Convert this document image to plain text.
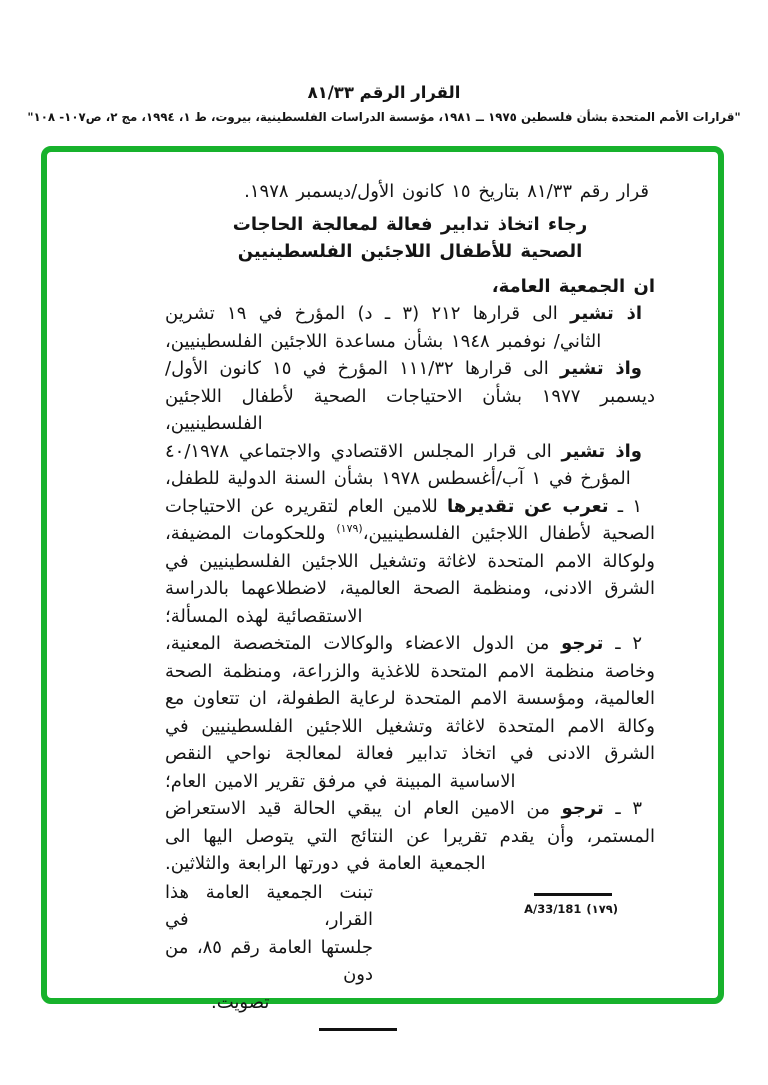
القرار الرقم ٨١/٣٣
"قرارات الأمم المتحدة بشأن فلسطين ١٩٧٥ ــ ١٩٨١، مؤسسة الدراسات الفلسطينية، بيروت، ط ١، ١٩٩٤، مج ٢، ص١٠٧- ١٠٨"

قرار رقم ٨١/٣٣ بتاريخ ١٥ كانون الأول/ديسمبر ١٩٧٨.

رجاء اتخاذ تدابير فعالة لمعالجة الحاجات
الصحية للأطفال اللاجئين الفلسطينيين

ان الجمعية العامة،

اذ تشير الى قرارها ٢١٢ (٣ ـ د) المؤرخ في ١٩ تشرين الثاني/ نوفمبر ١٩٤٨ بشأن مساعدة اللاجئين الفلسطينيين،

واذ تشير الى قرارها ١١١/٣٢ المؤرخ في ١٥ كانون الأول/ديسمبر ١٩٧٧ بشأن الاحتياجات الصحية لأطفال اللاجئين الفلسطينيين،

واذ تشير الى قرار المجلس الاقتصادي والاجتماعي ٤٠/١٩٧٨ المؤرخ في ١ آب/أغسطس ١٩٧٨ بشأن السنة الدولية للطفل،

١ ـ تعرب عن تقديرها للامين العام لتقريره عن الاحتياجات الصحية لأطفال اللاجئين الفلسطينيين،$^{(١٧٩)}$ وللحكومات المضيفة، ولوكالة الامم المتحدة لاغاثة وتشغيل اللاجئين الفلسطينيين في الشرق الادنى، ومنظمة الصحة العالمية، لاضطلاعهما بالدراسة الاستقصائية لهذه المسألة؛

٢ ـ ترجو من الدول الاعضاء والوكالات المتخصصة المعنية، وخاصة منظمة الامم المتحدة للاغذية والزراعة، ومنظمة الصحة العالمية، ومؤسسة الامم المتحدة لرعاية الطفولة، ان تتعاون مع وكالة الامم المتحدة لاغاثة وتشغيل اللاجئين الفلسطينيين في الشرق الادنى في اتخاذ تدابير فعالة لمعالجة نواحي النقص الاساسية المبينة في مرفق تقرير الامين العام؛

٣ ـ ترجو من الامين العام ان يبقي الحالة قيد الاستعراض المستمر، وأن يقدم تقريرا عن النتائج التي يتوصل اليها الى الجمعية العامة في دورتها الرابعة والثلاثين.

تبنت الجمعية العامة هذا القرار، في
جلستها العامة رقم ٨٥، من دون
تصويت.
(١٧٩) A/33/181
